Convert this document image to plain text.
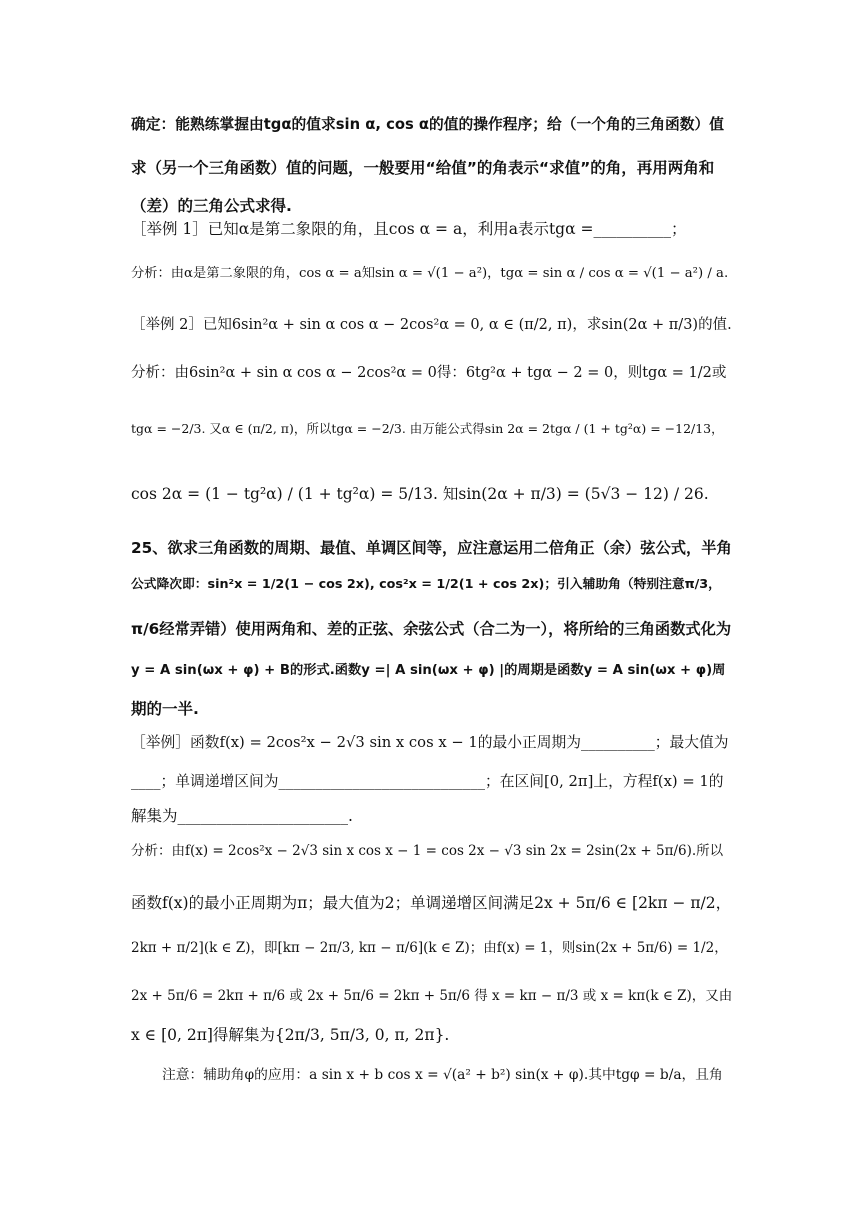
确定：能熟练掌握由tgα的值求sin α, cos α的值的操作程序；给（一个角的三角函数）值
求（另一个三角函数）值的问题，一般要用“给值”的角表示“求值”的角，再用两角和
（差）的三角公式求得.
［举例 1］已知α是第二象限的角，且cos α = a，利用a表示tgα =__________；
分析：由α是第二象限的角，cos α = a知sin α = √(1 − a²)，tgα = sin α / cos α = √(1 − a²) / a.
［举例 2］已知6sin²α + sin α cos α − 2cos²α = 0, α ∈ (π/2, π)，求sin(2α + π/3)的值.
分析：由6sin²α + sin α cos α − 2cos²α = 0得：6tg²α + tgα − 2 = 0，则tgα = 1/2或
tgα = −2/3. 又α ∈ (π/2, π)，所以tgα = −2/3. 由万能公式得sin 2α = 2tgα / (1 + tg²α) = −12/13，
cos 2α = (1 − tg²α) / (1 + tg²α) = 5/13. 知sin(2α + π/3) = (5√3 − 12) / 26.
25、欲求三角函数的周期、最值、单调区间等，应注意运用二倍角正（余）弦公式，半角
公式降次即：sin²x = 1/2(1 − cos 2x), cos²x = 1/2(1 + cos 2x)；引入辅助角（特别注意π/3，
π/6经常弄错）使用两角和、差的正弦、余弦公式（合二为一），将所给的三角函数式化为
y = A sin(ωx + φ) + B的形式.函数y =| A sin(ωx + φ) |的周期是函数y = A sin(ωx + φ)周
期的一半.
［举例］函数f(x) = 2cos²x − 2√3 sin x cos x − 1的最小正周期为__________；最大值为
____；单调递增区间为____________________________；在区间[0, 2π]上，方程f(x) = 1的
解集为______________________.
分析：由f(x) = 2cos²x − 2√3 sin x cos x − 1 = cos 2x − √3 sin 2x = 2sin(2x + 5π/6).所以
函数f(x)的最小正周期为π；最大值为2；单调递增区间满足2x + 5π/6 ∈ [2kπ − π/2，
2kπ + π/2](k ∈ Z)，即[kπ − 2π/3, kπ − π/6](k ∈ Z)；由f(x) = 1，则sin(2x + 5π/6) = 1/2，
2x + 5π/6 = 2kπ + π/6 或 2x + 5π/6 = 2kπ + 5π/6 得 x = kπ − π/3 或 x = kπ(k ∈ Z)，又由
x ∈ [0, 2π]得解集为{2π/3, 5π/3, 0, π, 2π}.
注意：辅助角φ的应用：a sin x + b cos x = √(a² + b²) sin(x + φ).其中tgφ = b/a，且角
